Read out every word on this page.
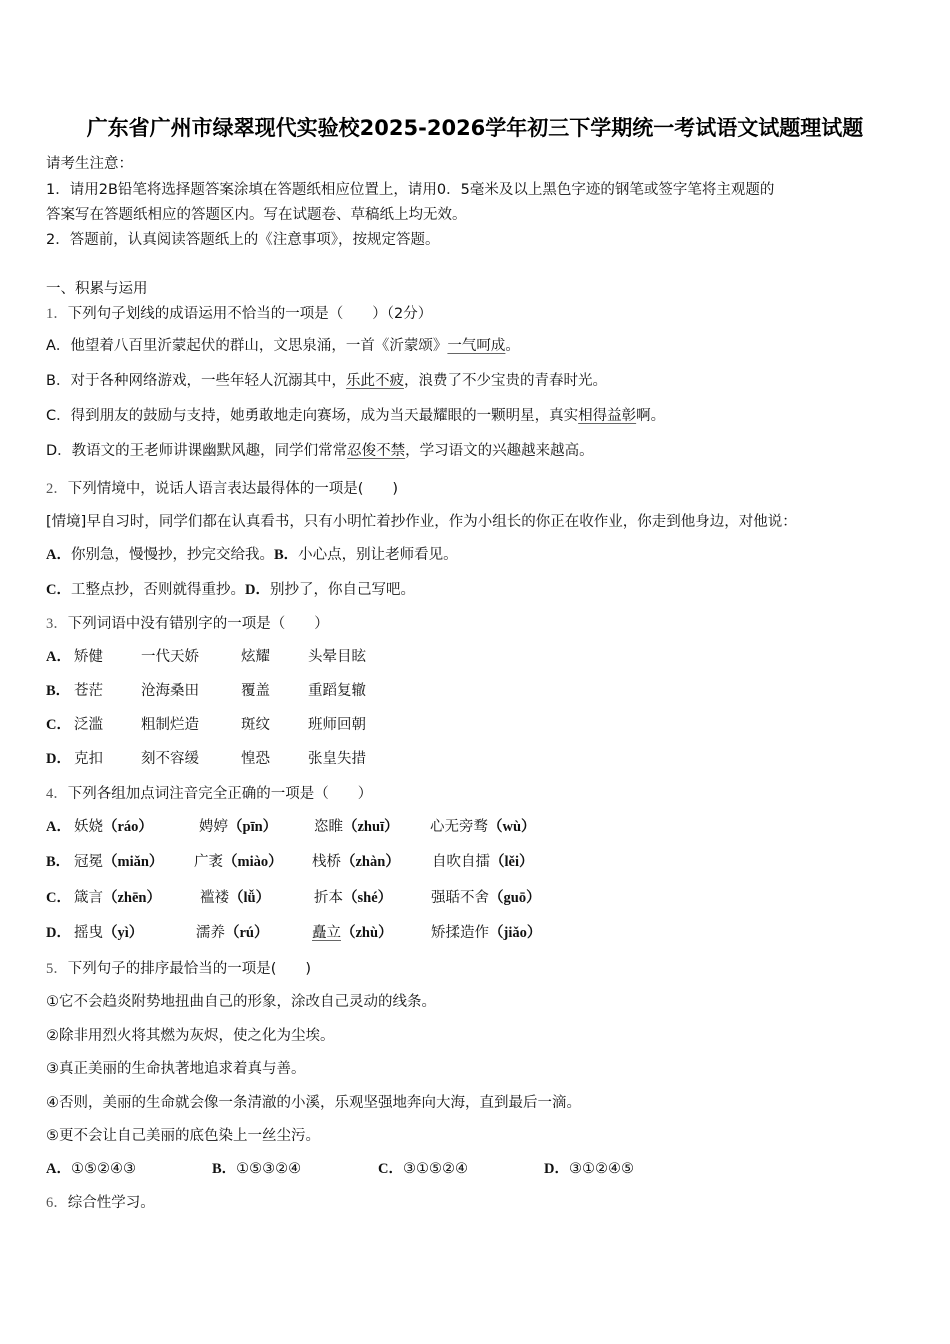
广东省广州市绿翠现代实验校2025-2026学年初三下学期统一考试语文试题理试题
请考生注意：
1．请用2B铅笔将选择题答案涂填在答题纸相应位置上，请用0．5毫米及以上黑色字迹的钢笔或签字笔将主观题的
答案写在答题纸相应的答题区内。写在试题卷、草稿纸上均无效。
2．答题前，认真阅读答题纸上的《注意事项》，按规定答题。
一、积累与运用
1．下列句子划线的成语运用不恰当的一项是（　　）（2分）
A．他望着八百里沂蒙起伏的群山，文思泉涌，一首《沂蒙颂》一气呵成。
B．对于各种网络游戏，一些年轻人沉溺其中，乐此不疲，浪费了不少宝贵的青春时光。
C．得到朋友的鼓励与支持，她勇敢地走向赛场，成为当天最耀眼的一颗明星，真实相得益彰啊。
D．教语文的王老师讲课幽默风趣，同学们常常忍俊不禁，学习语文的兴趣越来越高。
2．下列情境中，说话人语言表达最得体的一项是(　　)
[情境]早自习时，同学们都在认真看书，只有小明忙着抄作业，作为小组长的你正在收作业，你走到他身边，对他说：
A．你别急，慢慢抄，抄完交给我。B．小心点，别让老师看见。
C．工整点抄，否则就得重抄。D．别抄了，你自己写吧。
3．下列词语中没有错别字的一项是（　　）
A． 矫健	一代天娇	炫耀	头晕目眩
B． 苍茫	沧海桑田	覆盖	重蹈复辙
C． 泛滥	粗制烂造	斑纹	班师回朝
D． 克扣	刻不容缓	惶恐	张皇失措
4．下列各组加点词注音完全正确的一项是（　　）
A． 妖娆（ráo）	娉婷（pīn）	恣睢（zhuī） 心无旁骛（wù）
B． 冠冕（miǎn） 广袤（miào） 栈桥（zhàn） 自吹自擂（lěi）
C． 箴言（zhēn）	褴褛（lǚ）	折本（shé）	强聒不舍（guō）
D． 摇曳（yì）	濡养（rú）	矗立（zhù）	矫揉造作（jiǎo）
5．下列句子的排序最恰当的一项是(　　)
①它不会趋炎附势地扭曲自己的形象，涂改自己灵动的线条。
②除非用烈火将其燃为灰烬，使之化为尘埃。
③真正美丽的生命执著地追求着真与善。
④否则，美丽的生命就会像一条清澈的小溪，乐观坚强地奔向大海，直到最后一滴。
⑤更不会让自己美丽的底色染上一丝尘污。
A．①⑤②④③	B．①⑤③②④	C．③①⑤②④	D．③①②④⑤
6．综合性学习。
